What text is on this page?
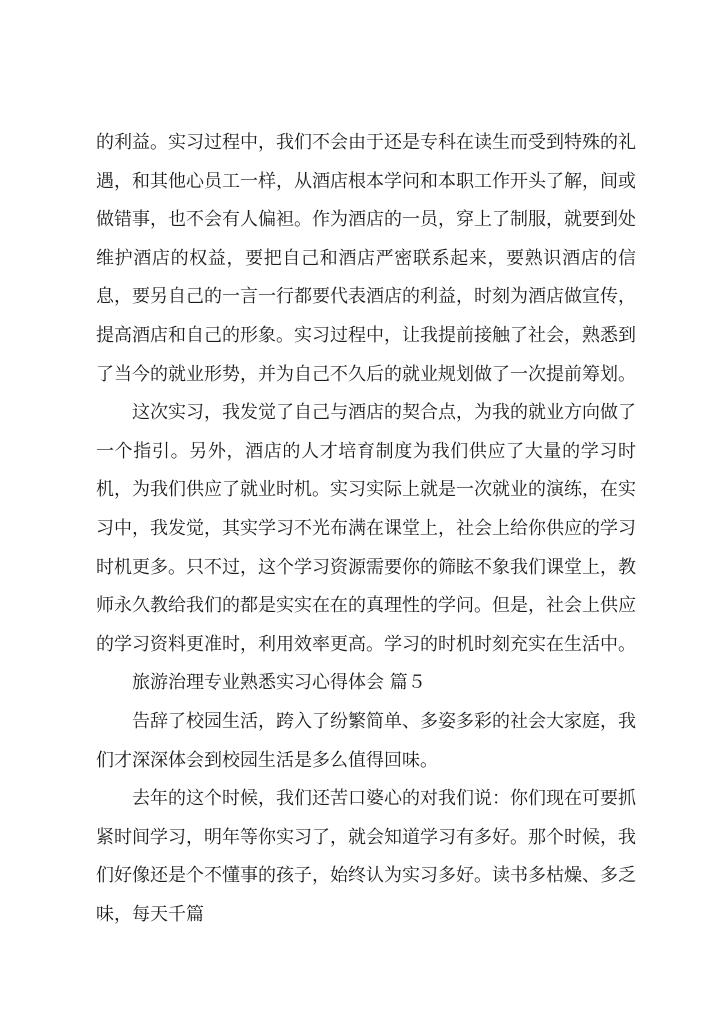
的利益。实习过程中，我们不会由于还是专科在读生而受到特殊的礼遇，和其他心员工一样，从酒店根本学问和本职工作开头了解，间或做错事，也不会有人偏袒。作为酒店的一员，穿上了制服，就要到处维护酒店的权益，要把自己和酒店严密联系起来，要熟识酒店的信息，要另自己的一言一行都要代表酒店的利益，时刻为酒店做宣传，提高酒店和自己的形象。实习过程中，让我提前接触了社会，熟悉到了当今的就业形势，并为自己不久后的就业规划做了一次提前筹划。

这次实习，我发觉了自己与酒店的契合点，为我的就业方向做了一个指引。另外，酒店的人才培育制度为我们供应了大量的学习时机，为我们供应了就业时机。实习实际上就是一次就业的演练，在实习中，我发觉，其实学习不光布满在课堂上，社会上给你供应的学习时机更多。只不过，这个学习资源需要你的筛眩不象我们课堂上，教师永久教给我们的都是实实在在的真理性的学问。但是，社会上供应的学习资料更准时，利用效率更高。学习的时机时刻充实在生活中。

旅游治理专业熟悉实习心得体会 篇５

告辞了校园生活，跨入了纷繁简单、多姿多彩的社会大家庭，我们才深深体会到校园生活是多么值得回味。

去年的这个时候，我们还苦口婆心的对我们说：你们现在可要抓紧时间学习，明年等你实习了，就会知道学习有多好。那个时候，我们好像还是个不懂事的孩子，始终认为实习多好。读书多枯燥、多乏味，每天千篇
